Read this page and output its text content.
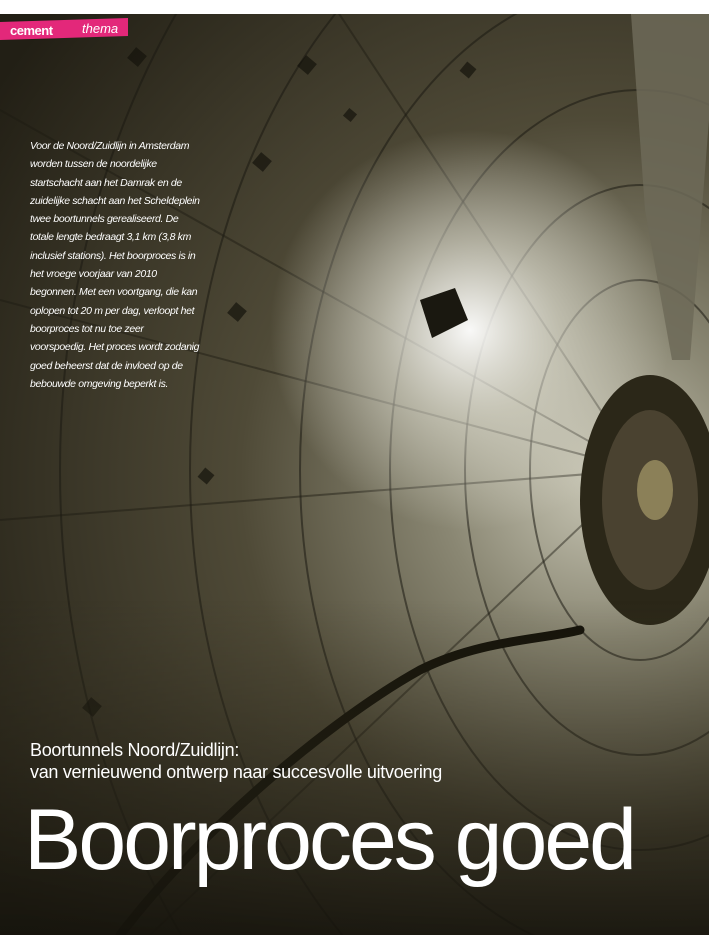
cement thema
Voor de Noord/Zuidlijn in Amsterdam worden tussen de noordelijke startschacht aan het Damrak en de zuidelijke schacht aan het Scheldeplein twee boortunnels gerealiseerd. De totale lengte bedraagt 3,1 km (3,8 km inclusief stations). Het boorproces is in het vroege voorjaar van 2010 begonnen. Met een voortgang, die kan oplopen tot 20 m per dag, verloopt het boorproces tot nu toe zeer voorspoedig. Het proces wordt zodanig goed beheerst dat de invloed op de bebouwde omgeving beperkt is.
Boortunnels Noord/Zuidlijn:
van vernieuwend ontwerp naar succesvolle uitvoering
Boorproces goed
